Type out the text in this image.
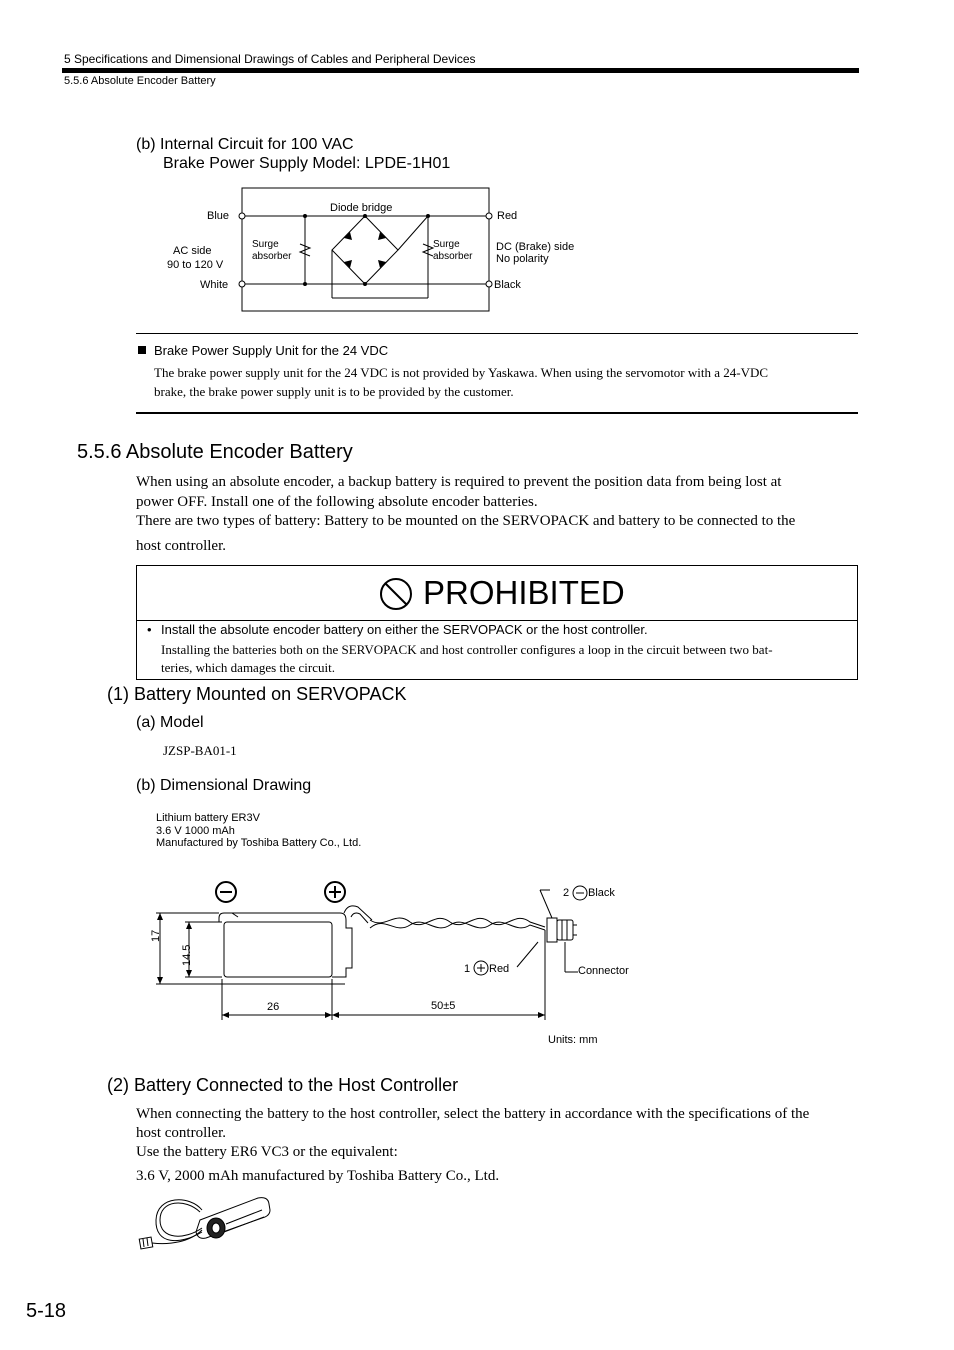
5 Specifications and Dimensional Drawings of Cables and Peripheral Devices
5.5.6 Absolute Encoder Battery
(b) Internal Circuit for 100 VAC
Brake Power Supply Model: LPDE-1H01
Blue
White
Red
Black
AC side
90 to 120 V
DC (Brake) side
No polarity
Diode bridge
Surge
absorber
Surge
absorber
Brake Power Supply Unit for the 24 VDC
The brake power supply unit for the 24 VDC is not provided by Yaskawa. When using the servomotor with a 24-VDC
brake, the brake power supply unit is to be provided by the customer.
5.5.6 Absolute Encoder Battery
When using an absolute encoder, a backup battery is required to prevent the position data from being lost at
power OFF. Install one of the following absolute encoder batteries.
There are two types of battery: Battery to be mounted on the SERVOPACK and battery to be connected to the
host controller.
PROHIBITED
• Install the absolute encoder battery on either the SERVOPACK or the host controller.
Installing the batteries both on the SERVOPACK and host controller configures a loop in the circuit between two bat-
teries, which damages the circuit.
(1) Battery Mounted on SERVOPACK
(a) Model
JZSP-BA01-1
(b) Dimensional Drawing
Lithium battery ER3V
3.6 V 1000 mAh
Manufactured by Toshiba Battery Co., Ltd.
17
14.5
26	50±5
2 Black
1 Red	Connector
Units: mm
(2) Battery Connected to the Host Controller
When connecting the battery to the host controller, select the battery in accordance with the specifications of the
host controller.
Use the battery ER6 VC3 or the equivalent:
3.6 V, 2000 mAh manufactured by Toshiba Battery Co., Ltd.
5-18
